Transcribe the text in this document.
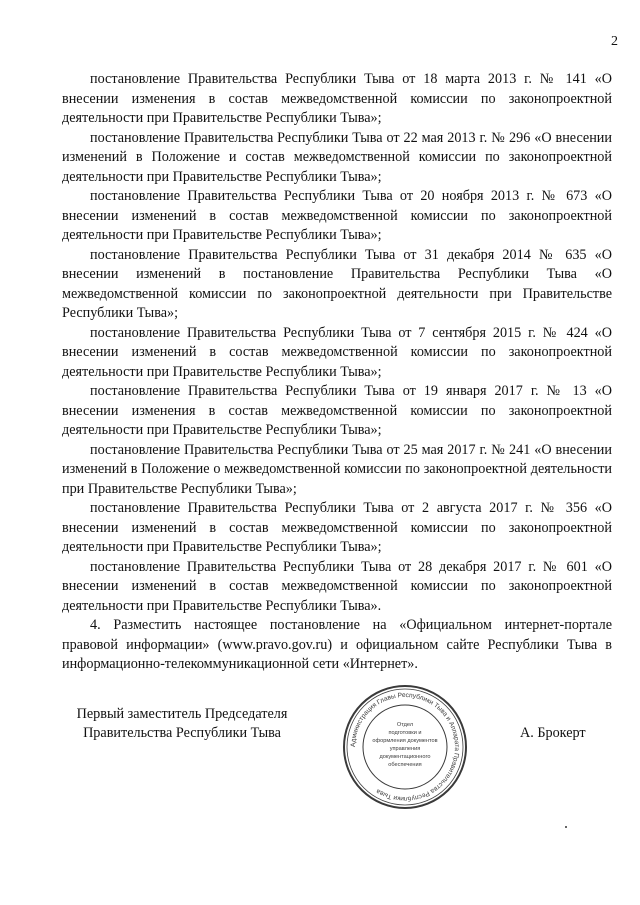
2

постановление Правительства Республики Тыва от 18 марта 2013 г. № 141 «О внесении изменения в состав межведомственной комиссии по законопроектной деятельности при Правительстве Республики Тыва»;

постановление Правительства Республики Тыва от 22 мая 2013 г. № 296 «О внесении изменений в Положение и состав межведомственной комиссии по законопроектной деятельности при Правительстве Республики Тыва»;

постановление Правительства Республики Тыва от 20 ноября 2013 г. № 673 «О внесении изменений в состав межведомственной комиссии по законопроектной деятельности при Правительстве Республики Тыва»;

постановление Правительства Республики Тыва от 31 декабря 2014 № 635 «О внесении изменений в постановление Правительства Республики Тыва «О межведомственной комиссии по законопроектной деятельности при Правительстве Республики Тыва»;

постановление Правительства Республики Тыва от 7 сентября 2015 г. № 424 «О внесении изменений в состав межведомственной комиссии по законопроектной деятельности при Правительстве Республики Тыва»;

постановление Правительства Республики Тыва от 19 января 2017 г. № 13 «О внесении изменения в состав межведомственной комиссии по законопроектной деятельности при Правительстве Республики Тыва»;

постановление Правительства Республики Тыва от 25 мая 2017 г. № 241 «О внесении изменений в Положение о межведомственной комиссии по законопроектной деятельности при Правительстве Республики Тыва»;

постановление Правительства Республики Тыва от 2 августа 2017 г. № 356 «О внесении изменений в состав межведомственной комиссии по законопроектной деятельности при Правительстве Республики Тыва»;

постановление Правительства Республики Тыва от 28 декабря 2017 г. № 601 «О внесении изменений в состав межведомственной комиссии по законопроектной деятельности при Правительстве Республики Тыва».

4. Разместить настоящее постановление на «Официальном интернет-портале правовой информации» (www.pravo.gov.ru) и официальном сайте Республики Тыва в информационно-телекоммуникационной сети «Интернет».

Первый заместитель Председателя
Правительства Республики Тыва
Администрация Главы Республики Тыва и Аппарата Правительства Республики Тыва
Отдел
подготовки и
оформления документов
управления
документационного
обеспечения
А. Брокерт
